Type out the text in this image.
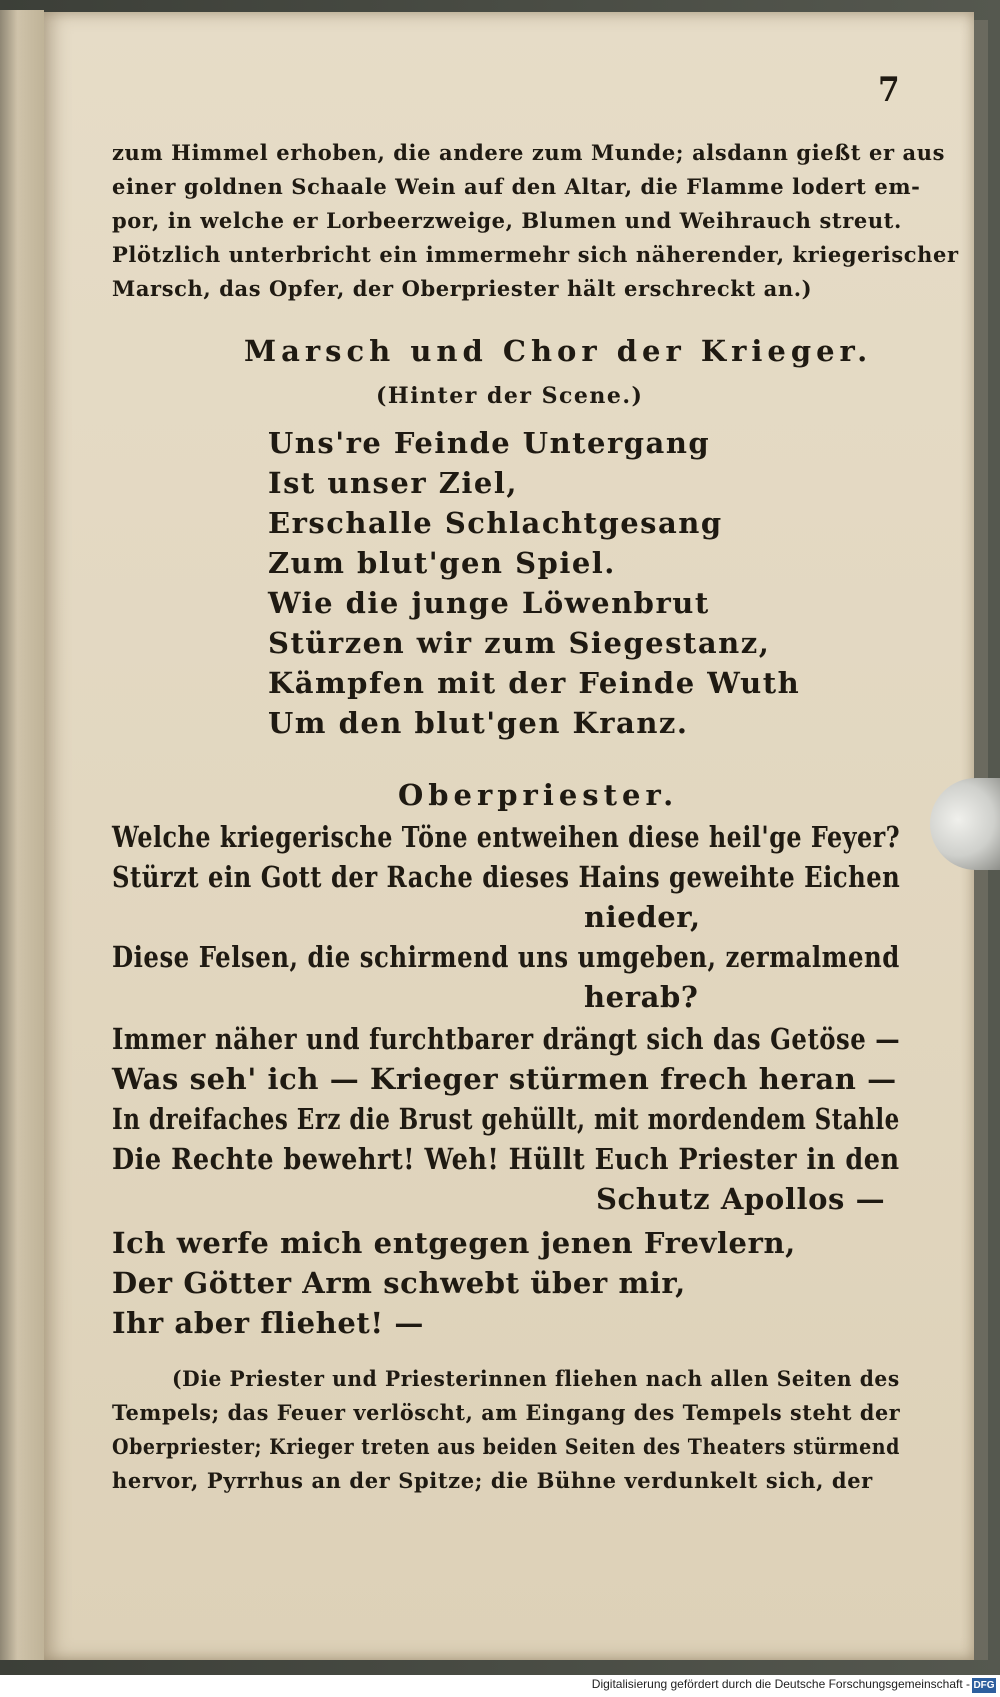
7
zum Himmel erhoben, die andere zum Munde; alsdann gießt er aus
einer goldnen Schaale Wein auf den Altar, die Flamme lodert em-
por, in welche er Lorbeerzweige, Blumen und Weihrauch streut.
Plötzlich unterbricht ein immermehr sich näherender, kriegerischer
Marsch, das Opfer, der Oberpriester hält erschreckt an.)
Marsch und Chor der Krieger.
(Hinter der Scene.)
Uns're Feinde Untergang
Ist unser Ziel,
Erschalle Schlachtgesang
Zum blut'gen Spiel.
Wie die junge Löwenbrut
Stürzen wir zum Siegestanz,
Kämpfen mit der Feinde Wuth
Um den blut'gen Kranz.
Oberpriester.
Welche kriegerische Töne entweihen diese heil'ge Feyer?
Stürzt ein Gott der Rache dieses Hains geweihte Eichen
nieder,
Diese Felsen, die schirmend uns umgeben, zermalmend
herab?
Immer näher und furchtbarer drängt sich das Getöse —
Was seh' ich — Krieger stürmen frech heran —
In dreifaches Erz die Brust gehüllt, mit mordendem Stahle
Die Rechte bewehrt! Weh! Hüllt Euch Priester in den
Schutz Apollos —
Ich werfe mich entgegen jenen Frevlern,
Der Götter Arm schwebt über mir,
Ihr aber fliehet! —
(Die Priester und Priesterinnen fliehen nach allen Seiten des
Tempels; das Feuer verlöscht, am Eingang des Tempels steht der
Oberpriester; Krieger treten aus beiden Seiten des Theaters stürmend
hervor, Pyrrhus an der Spitze; die Bühne verdunkelt sich, der
Digitalisierung gefördert durch die Deutsche Forschungsgemeinschaft - DFG
